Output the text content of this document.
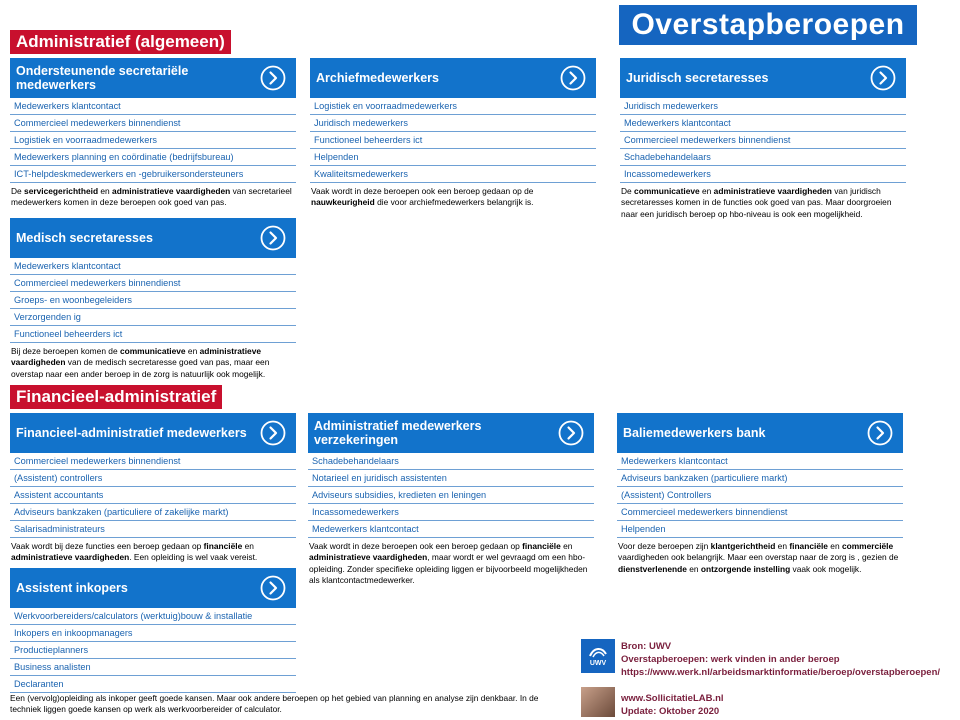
Overstapberoepen
Administratief (algemeen)
Financieel-administratief
Ondersteunende secretariële medewerkers
Medewerkers klantcontact
Commercieel medewerkers binnendienst
Logistiek en voorraadmedewerkers
Medewerkers planning en coördinatie (bedrijfsbureau)
ICT-helpdeskmedewerkers en -gebruikersondersteuners
De servicegerichtheid en administratieve vaardigheden van secretarieel medewerkers komen in deze beroepen ook goed van pas.
Archiefmedewerkers
Logistiek en voorraadmedewerkers
Juridisch medewerkers
Functioneel beheerders ict
Helpenden
Kwaliteitsmedewerkers
Vaak wordt in deze beroepen ook een beroep gedaan op de nauwkeurigheid die voor archiefmedewerkers belangrijk is.
Juridisch secretaresses
Juridisch medewerkers
Medewerkers klantcontact
Commercieel medewerkers binnendienst
Schadebehandelaars
Incassomedewerkers
De communicatieve en administratieve vaardigheden van juridisch secretaresses komen in de functies ook goed van pas. Maar doorgroeien naar een juridisch beroep op hbo-niveau is ook een mogelijkheid.
Medisch secretaresses
Medewerkers klantcontact
Commercieel medewerkers binnendienst
Groeps- en woonbegeleiders
Verzorgenden ig
Functioneel beheerders ict
Bij deze beroepen komen de communicatieve en administratieve vaardigheden van de medisch secretaresse goed van pas, maar een overstap naar een ander beroep in de zorg is natuurlijk ook mogelijk.
Financieel-administratief medewerkers
Commercieel medewerkers binnendienst
(Assistent) controllers
Assistent accountants
Adviseurs bankzaken (particuliere of zakelijke markt)
Salarisadministrateurs
Vaak wordt bij deze functies een beroep gedaan op financiële en administratieve vaardigheden. Een opleiding is wel vaak vereist.
Administratief medewerkers verzekeringen
Schadebehandelaars
Notarieel en juridisch assistenten
Adviseurs subsidies, kredieten en leningen
Incassomedewerkers
Medewerkers klantcontact
Vaak wordt in deze beroepen ook een beroep gedaan op financiële en administratieve vaardigheden, maar wordt er wel gevraagd om een hbo-opleiding. Zonder specifieke opleiding liggen er bijvoorbeeld mogelijkheden als klantcontactmedewerker.
Baliemedewerkers bank
Medewerkers klantcontact
Adviseurs bankzaken (particuliere markt)
(Assistent) Controllers
Commercieel medewerkers binnendienst
Helpenden
Voor deze beroepen zijn klantgerichtheid en financiële en commerciële vaardigheden ook belangrijk. Maar een overstap naar de zorg is , gezien de dienstverlenende en ontzorgende instelling vaak ook mogelijk.
Assistent inkopers
Werkvoorbereiders/calculators (werktuig)bouw & installatie
Inkopers en inkoopmanagers
Productieplanners
Business analisten
Declaranten
Een (vervolg)opleiding als inkoper geeft goede kansen. Maar ook andere beroepen op het gebied van planning en analyse zijn denkbaar. In de techniek liggen goede kansen op werk als werkvoorbereider of calculator.
UWV
Bron: UWV
Overstapberoepen: werk vinden in ander beroep
https://www.werk.nl/arbeidsmarktinformatie/beroep/overstapberoepen/
www.SollicitatieLAB.nl
Update: Oktober 2020
